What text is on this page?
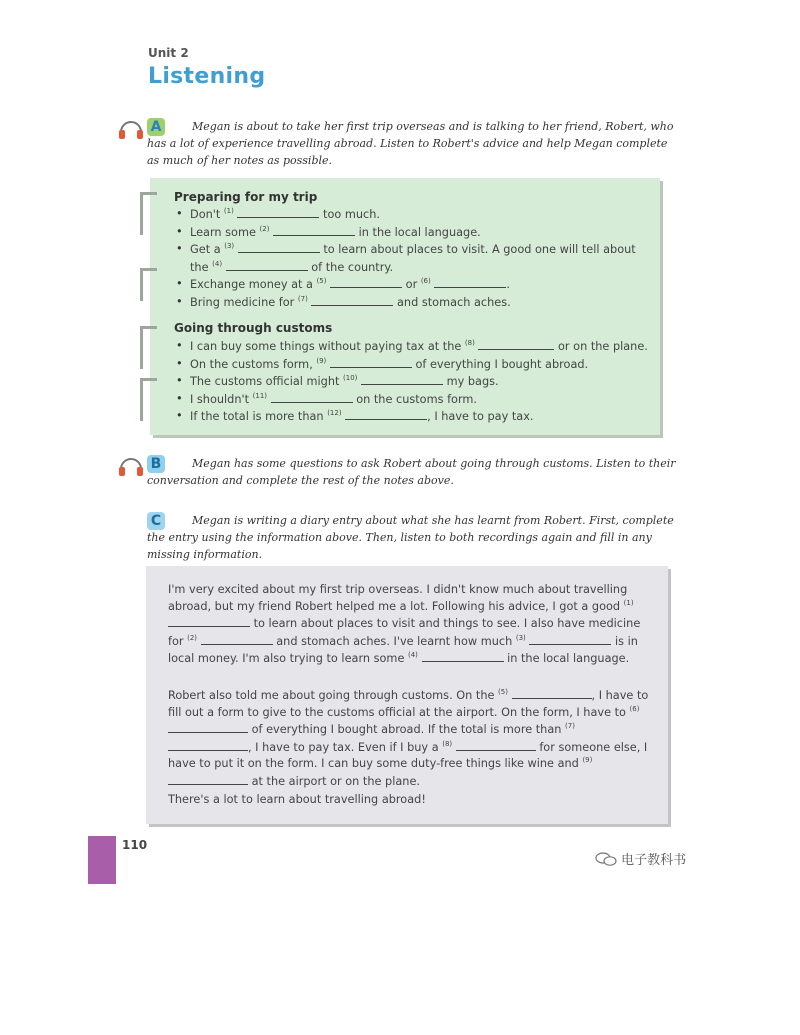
Unit 2
Listening
A	Megan is about to take her first trip overseas and is talking to her friend, Robert, who has a lot of experience travelling abroad. Listen to Robert's advice and help Megan complete as much of her notes as possible.
Preparing for my trip
• Don't $^{(1)}$	too much.
• Learn some $^{(2)}$	in the local language.
• Get a $^{(3)}$	to learn about places to visit. A good one will tell about
the $^{(4)}$	of the country.
• Exchange money at a $^{(5)}$	or $^{(6)}$	.
• Bring medicine for $^{(7)}$	and stomach aches.
Going through customs
• I can buy some things without paying tax at the $^{(8)}$	or on the plane.
• On the customs form, $^{(9)}$	of everything I bought abroad.
• The customs official might $^{(10)}$	my bags.
• I shouldn't $^{(11)}$	on the customs form.
• If the total is more than $^{(12)}$	, I have to pay tax.
B	Megan has some questions to ask Robert about going through customs. Listen to their conversation and complete the rest of the notes above.
C	Megan is writing a diary entry about what she has learnt from Robert. First, complete the entry using the information above. Then, listen to both recordings again and fill in any missing information.

I'm very excited about my first trip overseas. I didn't know much about travelling abroad, but my friend Robert helped me a lot. Following his advice, I got a good $^{(1)}$  to learn about places to visit and things to see. I also have medicine for $^{(2)}$	and stomach aches. I've learnt how much $^{(3)}$	is in local money. I'm also trying to learn some $^{(4)}$	in the local language.

Robert also told me about going through customs. On the $^{(5)}$	, I have to fill out a form to give to the customs official at the airport. On the form, I have to $^{(6)}$  of everything I bought abroad. If the total is more than $^{(7)}$ , I have to pay tax. Even if I buy a $^{(8)}$	for someone else, I have to put it on the form. I can buy some duty-free things like wine and $^{(9)}$  at the airport or on the plane.

There's a lot to learn about travelling abroad!

110
电子教科书
